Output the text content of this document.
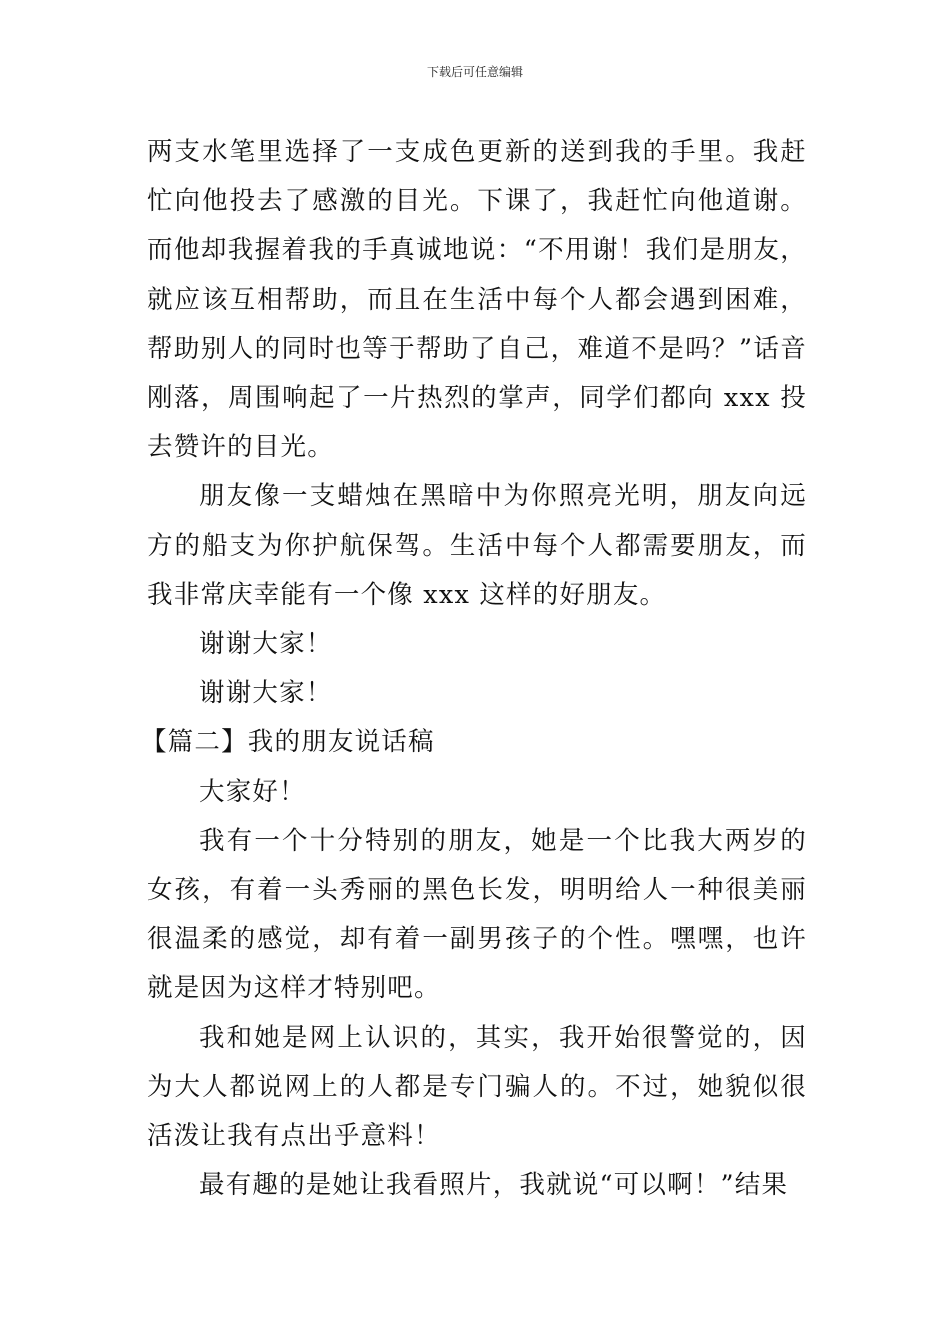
下载后可任意编辑

两支水笔里选择了一支成色更新的送到我的手里。我赶忙向他投去了感激的目光。下课了，我赶忙向他道谢。而他却我握着我的手真诚地说：“不用谢！我们是朋友，就应该互相帮助，而且在生活中每个人都会遇到困难，帮助别人的同时也等于帮助了自己，难道不是吗？”话音刚落，周围响起了一片热烈的掌声，同学们都向 xxx 投去赞许的目光。

朋友像一支蜡烛在黑暗中为你照亮光明，朋友向远方的船支为你护航保驾。生活中每个人都需要朋友，而我非常庆幸能有一个像 xxx 这样的好朋友。

谢谢大家！

谢谢大家！

【篇二】我的朋友说话稿

大家好！

我有一个十分特别的朋友，她是一个比我大两岁的女孩，有着一头秀丽的黑色长发，明明给人一种很美丽很温柔的感觉，却有着一副男孩子的个性。嘿嘿，也许就是因为这样才特别吧。

我和她是网上认识的，其实，我开始很警觉的，因为大人都说网上的人都是专门骗人的。不过，她貌似很活泼让我有点出乎意料！

最有趣的是她让我看照片，我就说“可以啊！”结果
